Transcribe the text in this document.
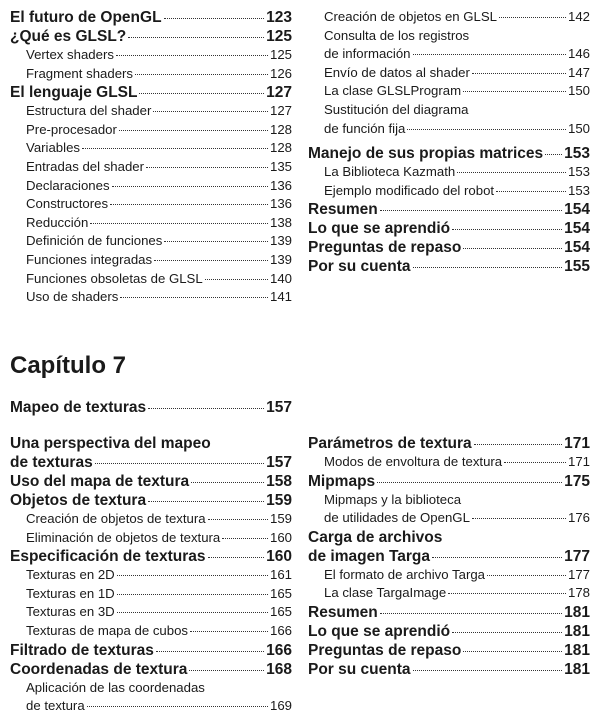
El futuro de OpenGL	123
¿Qué es GLSL?	125
Vertex shaders	125
Fragment shaders	126
El lenguaje GLSL	127
Estructura del shader	127
Pre-procesador	128
Variables	128
Entradas del shader	135
Declaraciones	136
Constructores	136
Reducción	138
Definición de funciones	139
Funciones integradas	139
Funciones obsoletas de GLSL	140
Uso de shaders	141
Creación de objetos en GLSL	142
Consulta de los registros
de información	146
Envío de datos al shader	147
La clase GLSLProgram	150
Sustitución del diagrama
de función fija	150
Manejo de sus propias matrices 153
La Biblioteca Kazmath	153
Ejemplo modificado del robot	153
Resumen	154
Lo que se aprendió	154
Preguntas de repaso	154
Por su cuenta	155
Capítulo 7
Mapeo de texturas	157
Una perspectiva del mapeo
de texturas	157
Uso del mapa de textura	158
Objetos de textura	159
Creación de objetos de textura	159
Eliminación de objetos de textura	160
Especificación de texturas	160
Texturas en 2D	161
Texturas en 1D	165
Texturas en 3D	165
Texturas de mapa de cubos	166
Filtrado de texturas	166
Coordenadas de textura	168
Aplicación de las coordenadas
de textura	169
Parámetros de textura	171
Modos de envoltura de textura	171
Mipmaps	175
Mipmaps y la biblioteca
de utilidades de OpenGL	176
Carga de archivos
de imagen Targa	177
El formato de archivo Targa	177
La clase TargaImage	178
Resumen	181
Lo que se aprendió	181
Preguntas de repaso	181
Por su cuenta	181
